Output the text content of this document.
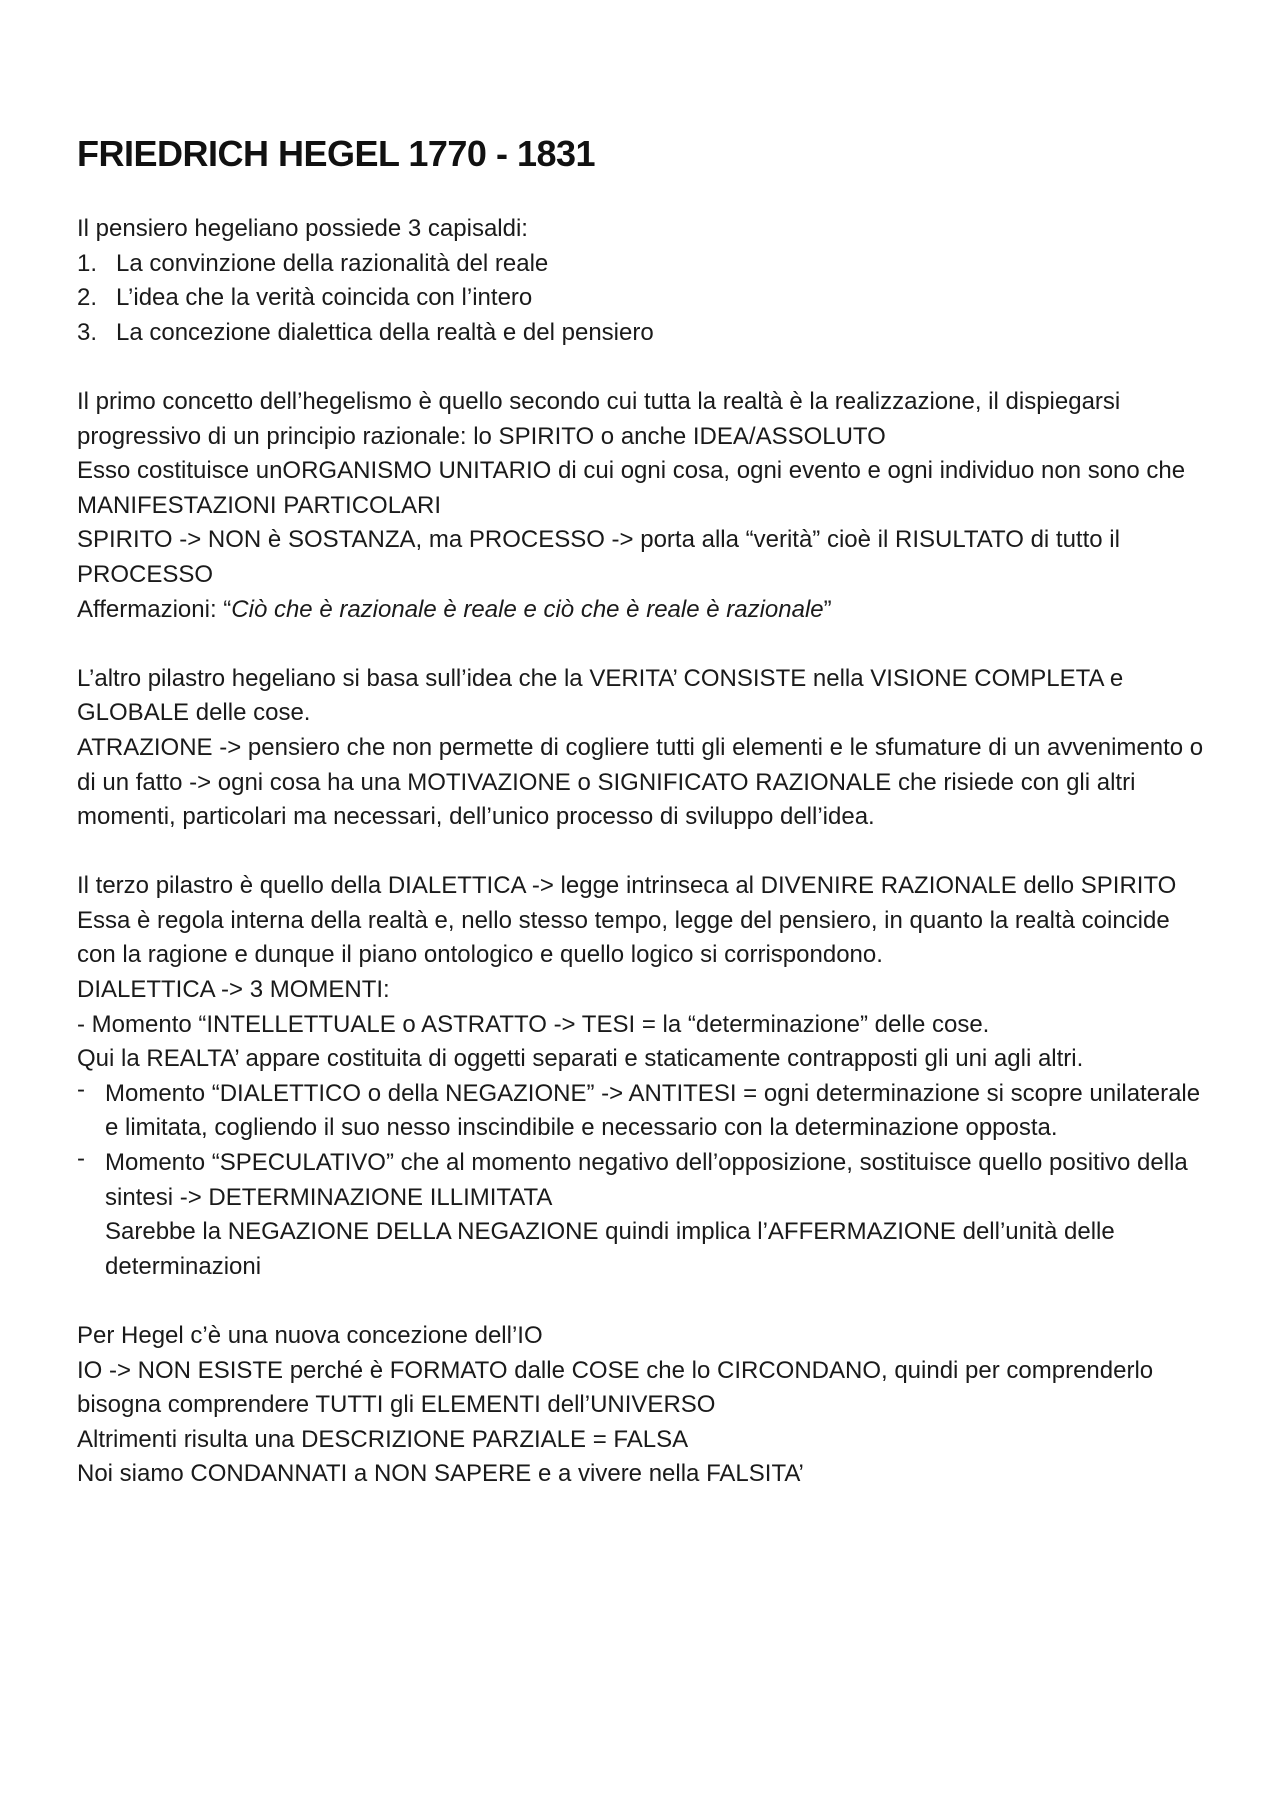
FRIEDRICH HEGEL 1770 - 1831

Il pensiero hegeliano possiede 3 capisaldi:

1. La convinzione della razionalità del reale
2. L’idea che la verità coincida con l’intero
3. La concezione dialettica della realtà e del pensiero

Il primo concetto dell’hegelismo è quello secondo cui tutta la realtà è la realizzazione, il dispiegarsi progressivo di un principio razionale: lo SPIRITO o anche IDEA/ASSOLUTO

Esso costituisce unORGANISMO UNITARIO di cui ogni cosa, ogni evento e ogni individuo non sono che MANIFESTAZIONI PARTICOLARI

SPIRITO -> NON è SOSTANZA, ma PROCESSO -> porta alla “verità” cioè il RISULTATO di tutto il PROCESSO

Affermazioni: “Ciò che è razionale è reale e ciò che è reale è razionale”

L’altro pilastro hegeliano si basa sull’idea che la VERITA’ CONSISTE nella VISIONE COMPLETA e GLOBALE delle cose.

ATRAZIONE -> pensiero che non permette di cogliere tutti gli elementi e le sfumature di un avvenimento o di un fatto -> ogni cosa ha una MOTIVAZIONE o SIGNIFICATO RAZIONALE che risiede con gli altri momenti, particolari ma necessari, dell’unico processo di sviluppo dell’idea.

Il terzo pilastro è quello della DIALETTICA -> legge intrinseca al DIVENIRE RAZIONALE dello SPIRITO

Essa è regola interna della realtà e, nello stesso tempo, legge del pensiero, in quanto la realtà coincide con la ragione e dunque il piano ontologico e quello logico si corrispondono.

DIALETTICA -> 3 MOMENTI:

- Momento “INTELLETTUALE o ASTRATTO -> TESI = la “determinazione” delle cose.

Qui la REALTA’ appare costituita di oggetti separati e staticamente contrapposti gli uni agli altri.

- Momento “DIALETTICO o della NEGAZIONE” -> ANTITESI = ogni determinazione si scopre unilaterale e limitata, cogliendo il suo nesso inscindibile e necessario con la determinazione opposta.
- Momento “SPECULATIVO” che al momento negativo dell’opposizione, sostituisce quello positivo della sintesi -> DETERMINAZIONE ILLIMITATA
Sarebbe la NEGAZIONE DELLA NEGAZIONE quindi implica l’AFFERMAZIONE dell’unità delle determinazioni

Per Hegel c’è una nuova concezione dell’IO

IO -> NON ESISTE perché è FORMATO dalle COSE che lo CIRCONDANO, quindi per comprenderlo bisogna comprendere TUTTI gli ELEMENTI dell’UNIVERSO

Altrimenti risulta una DESCRIZIONE PARZIALE = FALSA

Noi siamo CONDANNATI a NON SAPERE e a vivere nella FALSITA’
